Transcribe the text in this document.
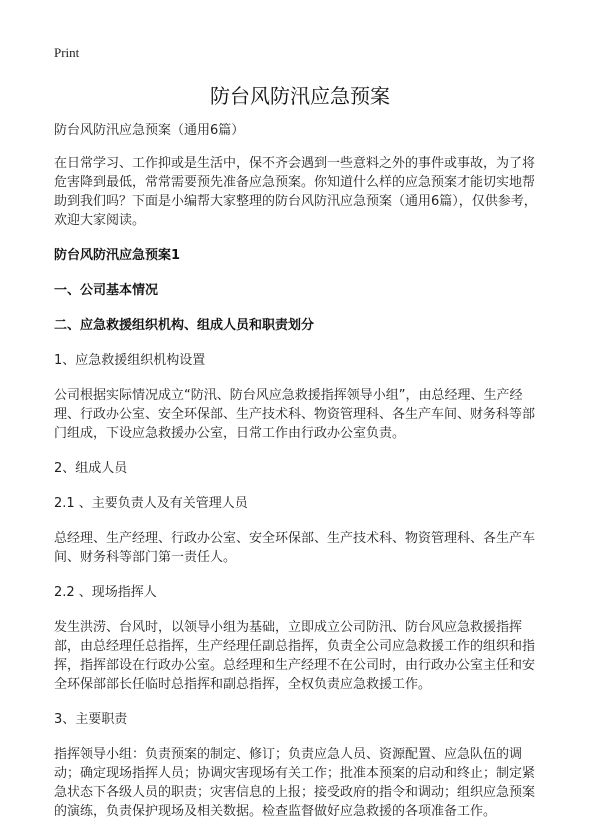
Print
防台风防汛应急预案

防台风防汛应急预案（通用6篇）

在日常学习、工作抑或是生活中，保不齐会遇到一些意料之外的事件或事故，为了将危害降到最低，常常需要预先准备应急预案。你知道什么样的应急预案才能切实地帮助到我们吗？下面是小编帮大家整理的防台风防汛应急预案（通用6篇），仅供参考，欢迎大家阅读。

防台风防汛应急预案1

一、公司基本情况

二、应急救援组织机构、组成人员和职责划分

1、应急救援组织机构设置

公司根据实际情况成立“防汛、防台风应急救援指挥领导小组”，由总经理、生产经理、行政办公室、安全环保部、生产技术科、物资管理科、各生产车间、财务科等部门组成，下设应急救援办公室，日常工作由行政办公室负责。

2、组成人员

2.1 、主要负责人及有关管理人员

总经理、生产经理、行政办公室、安全环保部、生产技术科、物资管理科、各生产车间、财务科等部门第一责任人。

2.2 、现场指挥人

发生洪涝、台风时，以领导小组为基础，立即成立公司防汛、防台风应急救援指挥部，由总经理任总指挥，生产经理任副总指挥，负责全公司应急救援工作的组织和指挥，指挥部设在行政办公室。总经理和生产经理不在公司时，由行政办公室主任和安全环保部部长任临时总指挥和副总指挥，全权负责应急救援工作。

3、主要职责

指挥领导小组：负责预案的制定、修订；负责应急人员、资源配置、应急队伍的调动；确定现场指挥人员；协调灾害现场有关工作；批准本预案的启动和终止；制定紧急状态下各级人员的职责；灾害信息的上报；接受政府的指令和调动；组织应急预案的演练，负责保护现场及相关数据。检查监督做好应急救援的各项准备工作。
